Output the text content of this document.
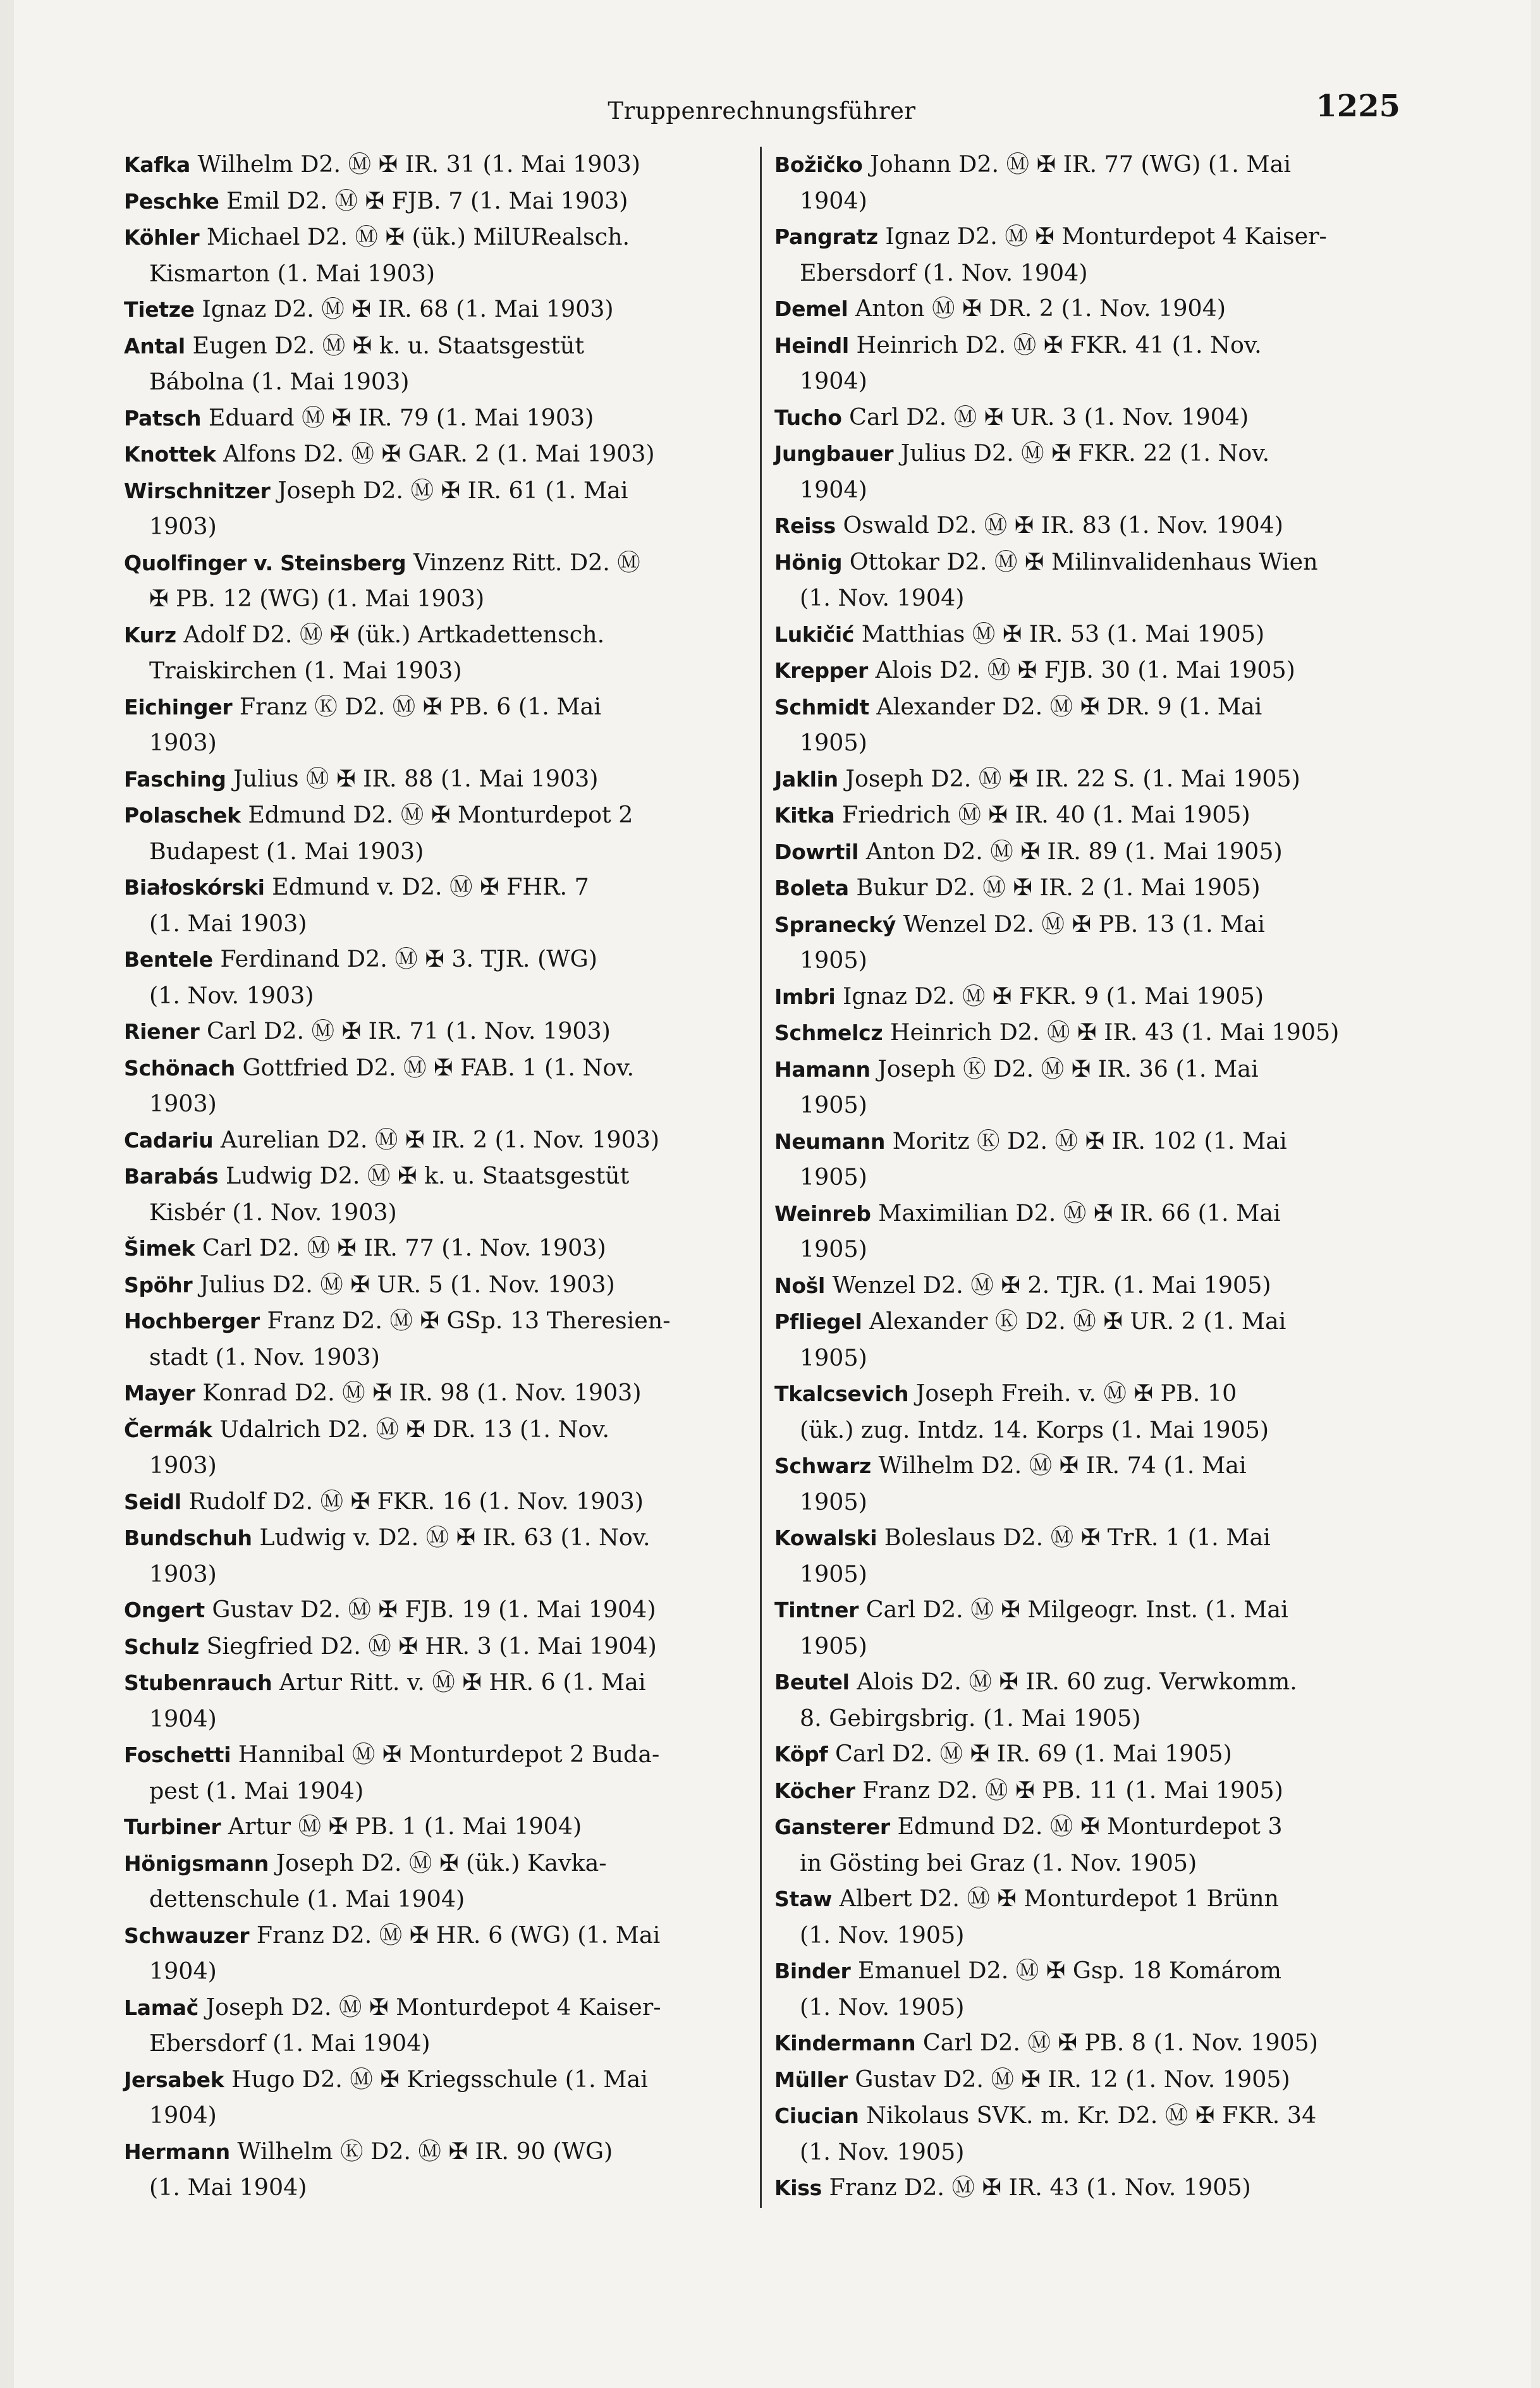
Truppenrechnungsführer	1225

Kafka Wilhelm D2. Ⓜ ✠ IR. 31 (1. Mai 1903)

Peschke Emil D2. Ⓜ ✠ FJB. 7 (1. Mai 1903)

Köhler Michael D2. Ⓜ ✠ (ük.) MilURealsch.
Kismarton (1. Mai 1903)

Tietze Ignaz D2. Ⓜ ✠ IR. 68 (1. Mai 1903)

Antal Eugen D2. Ⓜ ✠ k. u. Staatsgestüt
Bábolna (1. Mai 1903)

Patsch Eduard Ⓜ ✠ IR. 79 (1. Mai 1903)

Knottek Alfons D2. Ⓜ ✠ GAR. 2 (1. Mai 1903)

Wirschnitzer Joseph D2. Ⓜ ✠ IR. 61 (1. Mai
1903)

Quolfinger v. Steinsberg Vinzenz Ritt. D2. Ⓜ
✠ PB. 12 (WG) (1. Mai 1903)

Kurz Adolf D2. Ⓜ ✠ (ük.) Artkadettensch.
Traiskirchen (1. Mai 1903)

Eichinger Franz Ⓚ D2. Ⓜ ✠ PB. 6 (1. Mai
1903)

Fasching Julius Ⓜ ✠ IR. 88 (1. Mai 1903)

Polaschek Edmund D2. Ⓜ ✠ Monturdepot 2
Budapest (1. Mai 1903)

Białoskórski Edmund v. D2. Ⓜ ✠ FHR. 7
(1. Mai 1903)

Bentele Ferdinand D2. Ⓜ ✠ 3. TJR. (WG)
(1. Nov. 1903)

Riener Carl D2. Ⓜ ✠ IR. 71 (1. Nov. 1903)

Schönach Gottfried D2. Ⓜ ✠ FAB. 1 (1. Nov.
1903)

Cadariu Aurelian D2. Ⓜ ✠ IR. 2 (1. Nov. 1903)

Barabás Ludwig D2. Ⓜ ✠ k. u. Staatsgestüt
Kisbér (1. Nov. 1903)

Šimek Carl D2. Ⓜ ✠ IR. 77 (1. Nov. 1903)

Spöhr Julius D2. Ⓜ ✠ UR. 5 (1. Nov. 1903)

Hochberger Franz D2. Ⓜ ✠ GSp. 13 Theresien-
stadt (1. Nov. 1903)

Mayer Konrad D2. Ⓜ ✠ IR. 98 (1. Nov. 1903)

Čermák Udalrich D2. Ⓜ ✠ DR. 13 (1. Nov.
1903)

Seidl Rudolf D2. Ⓜ ✠ FKR. 16 (1. Nov. 1903)

Bundschuh Ludwig v. D2. Ⓜ ✠ IR. 63 (1. Nov.
1903)

Ongert Gustav D2. Ⓜ ✠ FJB. 19 (1. Mai 1904)

Schulz Siegfried D2. Ⓜ ✠ HR. 3 (1. Mai 1904)

Stubenrauch Artur Ritt. v. Ⓜ ✠ HR. 6 (1. Mai
1904)

Foschetti Hannibal Ⓜ ✠ Monturdepot 2 Buda-
pest (1. Mai 1904)

Turbiner Artur Ⓜ ✠ PB. 1 (1. Mai 1904)

Hönigsmann Joseph D2. Ⓜ ✠ (ük.) Kavka-
dettenschule (1. Mai 1904)

Schwauzer Franz D2. Ⓜ ✠ HR. 6 (WG) (1. Mai
1904)

Lamač Joseph D2. Ⓜ ✠ Monturdepot 4 Kaiser-
Ebersdorf (1. Mai 1904)

Jersabek Hugo D2. Ⓜ ✠ Kriegsschule (1. Mai
1904)

Hermann Wilhelm Ⓚ D2. Ⓜ ✠ IR. 90 (WG)
(1. Mai 1904)

Božičko Johann D2. Ⓜ ✠ IR. 77 (WG) (1. Mai
1904)

Pangratz Ignaz D2. Ⓜ ✠ Monturdepot 4 Kaiser-
Ebersdorf (1. Nov. 1904)

Demel Anton Ⓜ ✠ DR. 2 (1. Nov. 1904)

Heindl Heinrich D2. Ⓜ ✠ FKR. 41 (1. Nov.
1904)

Tucho Carl D2. Ⓜ ✠ UR. 3 (1. Nov. 1904)

Jungbauer Julius D2. Ⓜ ✠ FKR. 22 (1. Nov.
1904)

Reiss Oswald D2. Ⓜ ✠ IR. 83 (1. Nov. 1904)

Hönig Ottokar D2. Ⓜ ✠ Milinvalidenhaus Wien
(1. Nov. 1904)

Lukičić Matthias Ⓜ ✠ IR. 53 (1. Mai 1905)

Krepper Alois D2. Ⓜ ✠ FJB. 30 (1. Mai 1905)

Schmidt Alexander D2. Ⓜ ✠ DR. 9 (1. Mai
1905)

Jaklin Joseph D2. Ⓜ ✠ IR. 22 S. (1. Mai 1905)

Kitka Friedrich Ⓜ ✠ IR. 40 (1. Mai 1905)

Dowrtil Anton D2. Ⓜ ✠ IR. 89 (1. Mai 1905)

Boleta Bukur D2. Ⓜ ✠ IR. 2 (1. Mai 1905)

Spranecký Wenzel D2. Ⓜ ✠ PB. 13 (1. Mai
1905)

Imbri Ignaz D2. Ⓜ ✠ FKR. 9 (1. Mai 1905)

Schmelcz Heinrich D2. Ⓜ ✠ IR. 43 (1. Mai 1905)

Hamann Joseph Ⓚ D2. Ⓜ ✠ IR. 36 (1. Mai
1905)

Neumann Moritz Ⓚ D2. Ⓜ ✠ IR. 102 (1. Mai
1905)

Weinreb Maximilian D2. Ⓜ ✠ IR. 66 (1. Mai
1905)

Nošl Wenzel D2. Ⓜ ✠ 2. TJR. (1. Mai 1905)

Pfliegel Alexander Ⓚ D2. Ⓜ ✠ UR. 2 (1. Mai
1905)

Tkalcsevich Joseph Freih. v. Ⓜ ✠ PB. 10
(ük.) zug. Intdz. 14. Korps (1. Mai 1905)

Schwarz Wilhelm D2. Ⓜ ✠ IR. 74 (1. Mai
1905)

Kowalski Boleslaus D2. Ⓜ ✠ TrR. 1 (1. Mai
1905)

Tintner Carl D2. Ⓜ ✠ Milgeogr. Inst. (1. Mai
1905)

Beutel Alois D2. Ⓜ ✠ IR. 60 zug. Verwkomm.
8. Gebirgsbrig. (1. Mai 1905)

Köpf Carl D2. Ⓜ ✠ IR. 69 (1. Mai 1905)

Köcher Franz D2. Ⓜ ✠ PB. 11 (1. Mai 1905)

Gansterer Edmund D2. Ⓜ ✠ Monturdepot 3
in Gösting bei Graz (1. Nov. 1905)

Staw Albert D2. Ⓜ ✠ Monturdepot 1 Brünn
(1. Nov. 1905)

Binder Emanuel D2. Ⓜ ✠ Gsp. 18 Komárom
(1. Nov. 1905)

Kindermann Carl D2. Ⓜ ✠ PB. 8 (1. Nov. 1905)

Müller Gustav D2. Ⓜ ✠ IR. 12 (1. Nov. 1905)

Ciucian Nikolaus SVK. m. Kr. D2. Ⓜ ✠ FKR. 34
(1. Nov. 1905)

Kiss Franz D2. Ⓜ ✠ IR. 43 (1. Nov. 1905)
